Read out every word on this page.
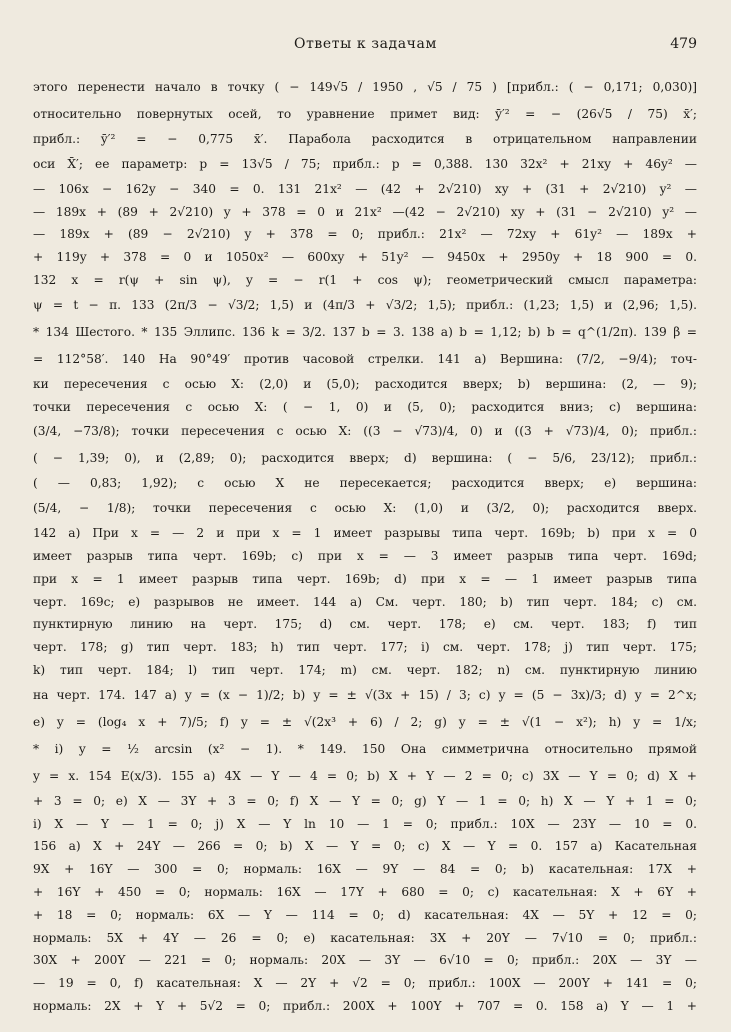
Ответы к задачам	479
этого перенести начало в точку ( − 149√5 / 1950 , √5 / 75 ) [прибл.: ( − 0,171; 0,030)]
относительно повернутых осей, то уравнение примет вид: ȳ′² = − (26√5 / 75) x̄′;
прибл.: ȳ′² = − 0,775 x̄′. Парабола расходится в отрицательном направлении
оси X̄′; ее параметр: p = 13√5 / 75; прибл.: p = 0,388. 130 32x² + 21xy + 46y² —
— 106x − 162y − 340 = 0. 131 21x² — (42 + 2√210) xy + (31 + 2√210) y² —
— 189x + (89 + 2√210) y + 378 = 0 и 21x² —(42 − 2√210) xy + (31 − 2√210) y² —
— 189x + (89 − 2√210) y + 378 = 0; прибл.: 21x² — 72xy + 61y² — 189x +
+ 119y + 378 = 0 и 1050x² — 600xy + 51y² — 9450x + 2950y + 18 900 = 0.
132 x = r(ψ + sin ψ), y = − r(1 + cos ψ); геометрический смысл параметра:
ψ = t − π. 133 (2π/3 − √3/2; 1,5) и (4π/3 + √3/2; 1,5); прибл.: (1,23; 1,5) и (2,96; 1,5).
* 134 Шестого. * 135 Эллипс. 136 k = 3/2. 137 b = 3. 138 a) b = 1,12; b) b = q^(1/2π). 139 β =
= 112°58′. 140 На 90°49′ против часовой стрелки. 141 a) Вершина: (7/2, −9/4); точ-
ки пересечения с осью X: (2,0) и (5,0); расходится вверх; b) вершина: (2, — 9);
точки пересечения с осью X: ( − 1, 0) и (5, 0); расходится вниз; c) вершина:
(3/4, −73/8); точки пересечения с осью X: ((3 − √73)/4, 0) и ((3 + √73)/4, 0); прибл.:
( − 1,39; 0), и (2,89; 0); расходится вверх; d) вершина: ( − 5/6, 23/12); прибл.:
( — 0,83; 1,92); с осью X не пересекается; расходится вверх; e) вершина:
(5/4, − 1/8); точки пересечения с осью X: (1,0) и (3/2, 0); расходится вверх.
142 a) При x = — 2 и при x = 1 имеет разрывы типа черт. 169b; b) при x = 0
имеет разрыв типа черт. 169b; c) при x = — 3 имеет разрыв типа черт. 169d;
при x = 1 имеет разрыв типа черт. 169b; d) при x = — 1 имеет разрыв типа
черт. 169c; e) разрывов не имеет. 144 a) См. черт. 180; b) тип черт. 184; c) см.
пунктирную линию на черт. 175; d) см. черт. 178; e) см. черт. 183; f) тип
черт. 178; g) тип черт. 183; h) тип черт. 177; i) см. черт. 178; j) тип черт. 175;
k) тип черт. 184; l) тип черт. 174; m) см. черт. 182; n) см. пунктирную линию
на черт. 174. 147 a) y = (x − 1)/2; b) y = ± √(3x + 15) / 3; c) y = (5 − 3x)/3; d) y = 2^x;
e) y = (log₄ x + 7)/5; f) y = ± √(2x³ + 6) / 2; g) y = ± √(1 − x²); h) y = 1/x;
* i) y = ½ arcsin (x² − 1). * 149. 150 Она симметрична относительно прямой
y = x. 154 E(x/3). 155 a) 4X — Y — 4 = 0; b) X + Y — 2 = 0; c) 3X — Y = 0; d) X +
+ 3 = 0; e) X — 3Y + 3 = 0; f) X — Y = 0; g) Y — 1 = 0; h) X — Y + 1 = 0;
i) X — Y — 1 = 0; j) X — Y ln 10 — 1 = 0; прибл.: 10X — 23Y — 10 = 0.
156 a) X + 24Y — 266 = 0; b) X — Y = 0; c) X — Y = 0. 157 a) Касательная
9X + 16Y — 300 = 0; нормаль: 16X — 9Y — 84 = 0; b) касательная: 17X +
+ 16Y + 450 = 0; нормаль: 16X — 17Y + 680 = 0; c) касательная: X + 6Y +
+ 18 = 0; нормаль: 6X — Y — 114 = 0; d) касательная: 4X — 5Y + 12 = 0;
нормаль: 5X + 4Y — 26 = 0; e) касательная: 3X + 20Y — 7√10 = 0; прибл.:
30X + 200Y — 221 = 0; нормаль: 20X — 3Y — 6√10 = 0; прибл.: 20X — 3Y —
— 19 = 0, f) касательная: X — 2Y + √2 = 0; прибл.: 100X — 200Y + 141 = 0;
нормаль: 2X + Y + 5√2 = 0; прибл.: 200X + 100Y + 707 = 0. 158 a) Y — 1 +
